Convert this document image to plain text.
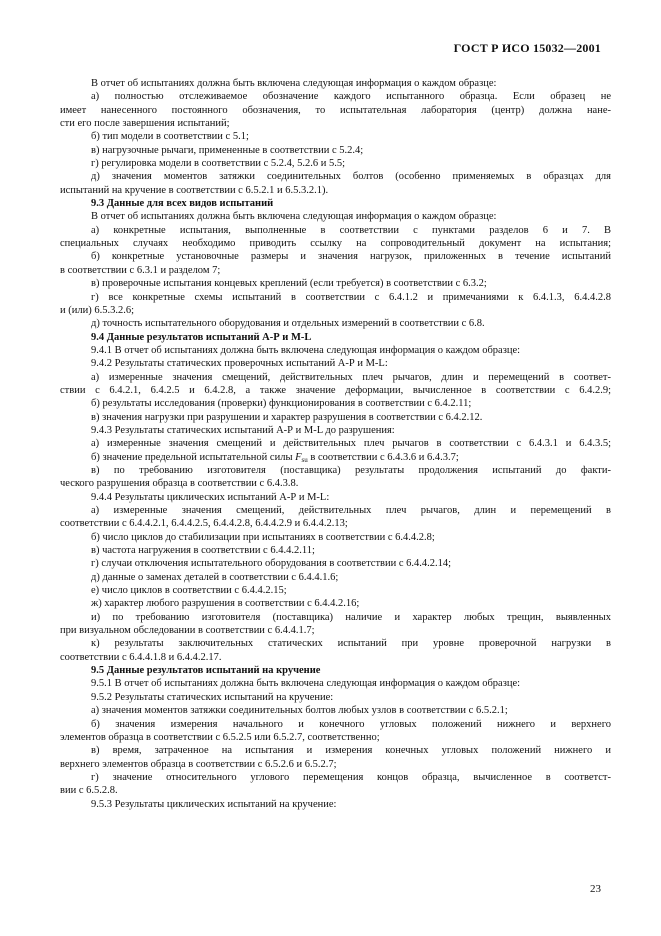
ГОСТ Р ИСО 15032—2001
В отчет об испытаниях должна быть включена следующая информация о каждом образце:
а) полностью отслеживаемое обозначение каждого испытанного образца. Если образец не
имеет нанесенного постоянного обозначения, то испытательная лаборатория (центр) должна нане-
сти его после завершения испытаний;
б) тип модели в соответствии с 5.1;
в) нагрузочные рычаги, примененные в соответствии с 5.2.4;
г) регулировка модели в соответствии с 5.2.4, 5.2.6 и 5.5;
д) значения моментов затяжки соединительных болтов (особенно применяемых в образцах для
испытаний на кручение в соответствии с 6.5.2.1 и 6.5.3.2.1).
9.3 Данные для всех видов испытаний
В отчет об испытаниях должна быть включена следующая информация о каждом образце:
а) конкретные испытания, выполненные в соответствии с пунктами разделов 6 и 7. В
специальных случаях необходимо приводить ссылку на сопроводительный документ на испытания;
б) конкретные установочные размеры и значения нагрузок, приложенных в течение испытаний
в соответствии с 6.3.1 и разделом 7;
в) проверочные испытания концевых креплений (если требуется) в соответствии с 6.3.2;
г) все конкретные схемы испытаний в соответствии с 6.4.1.2 и примечаниями к 6.4.1.3, 6.4.4.2.8
и (или) 6.5.3.2.6;
д) точность испытательного оборудования и отдельных измерений в соответствии с 6.8.
9.4 Данные результатов испытаний А-Р и М-L
9.4.1 В отчет об испытаниях должна быть включена следующая информация о каждом образце:
9.4.2 Результаты статических проверочных испытаний А-Р и М-L:
а) измеренные значения смещений, действительных плеч рычагов, длин и перемещений в соответ-
ствии с 6.4.2.1, 6.4.2.5 и 6.4.2.8, а также значение деформации, вычисленное в соответствии с 6.4.2.9;
б) результаты исследования (проверки) функционирования в соответствии с 6.4.2.11;
в) значения нагрузки при разрушении и характер разрушения в соответствии с 6.4.2.12.
9.4.3 Результаты статических испытаний А-Р и М-L до разрушения:
а) измеренные значения смещений и действительных плеч рычагов в соответствии с 6.4.3.1 и 6.4.3.5;
б) значение предельной испытательной силы $F_{su}$ в соответствии с 6.4.3.6 и 6.4.3.7;
в) по требованию изготовителя (поставщика) результаты продолжения испытаний до факти-
ческого разрушения образца в соответствии с 6.4.3.8.
9.4.4 Результаты циклических испытаний А-Р и М-L:
а) измеренные значения смещений, действительных плеч рычагов, длин и перемещений в
соответствии с 6.4.4.2.1, 6.4.4.2.5, 6.4.4.2.8, 6.4.4.2.9 и 6.4.4.2.13;
б) число циклов до стабилизации при испытаниях в соответствии с 6.4.4.2.8;
в) частота нагружения в соответствии с 6.4.4.2.11;
г) случаи отключения испытательного оборудования в соответствии с 6.4.4.2.14;
д) данные о заменах деталей в соответствии с 6.4.4.1.6;
е) число циклов в соответствии с 6.4.4.2.15;
ж) характер любого разрушения в соответствии с 6.4.4.2.16;
и) по требованию изготовителя (поставщика) наличие и характер любых трещин, выявленных
при визуальном обследовании в соответствии с 6.4.4.1.7;
к) результаты заключительных статических испытаний при уровне проверочной нагрузки в
соответствии с 6.4.4.1.8 и 6.4.4.2.17.
9.5 Данные результатов испытаний на кручение
9.5.1 В отчет об испытаниях должна быть включена следующая информация о каждом образце:
9.5.2 Результаты статических испытаний на кручение:
а) значения моментов затяжки соединительных болтов любых узлов в соответствии с 6.5.2.1;
б) значения измерения начального и конечного угловых положений нижнего и верхнего
элементов образца в соответствии с 6.5.2.5 или 6.5.2.7, соответственно;
в) время, затраченное на испытания и измерения конечных угловых положений нижнего и
верхнего элементов образца в соответствии с 6.5.2.6 и 6.5.2.7;
г) значение относительного углового перемещения концов образца, вычисленное в соответст-
вии с 6.5.2.8.
9.5.3 Результаты циклических испытаний на кручение:
23
